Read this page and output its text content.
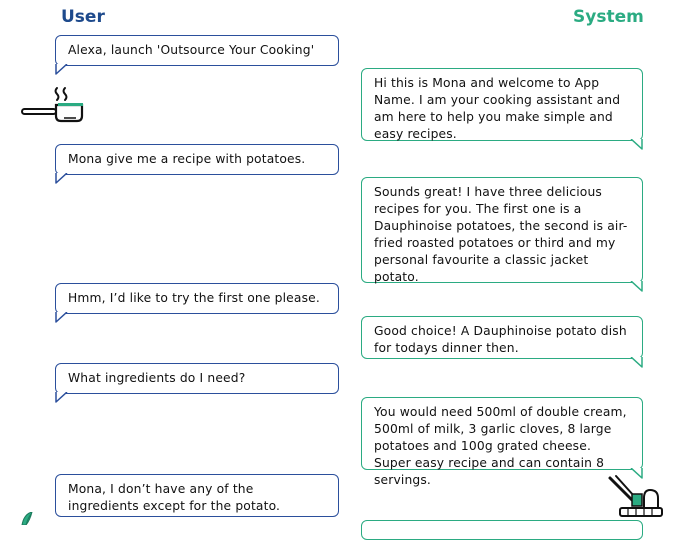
User	System
Alexa, launch 'Outsource Your Cooking'
Mona give me a recipe with potatoes.
Hmm, I’d like to try the first one please.
What ingredients do I need?
Mona, I don’t have any of the ingredients except for the potato.
Hi this is Mona and welcome to App Name. I am your cooking assistant and am here to help you make simple and easy recipes.
Sounds great! I have three delicious recipes for you. The first one is a Dauphinoise potatoes, the second is air-fried roasted potatoes or third and my personal favourite a classic jacket potato.
Good choice! A Dauphinoise potato dish for todays dinner then.
You would need 500ml of double cream, 500ml of milk, 3 garlic cloves, 8 large potatoes and 100g grated cheese. Super easy recipe and can contain 8 servings.
